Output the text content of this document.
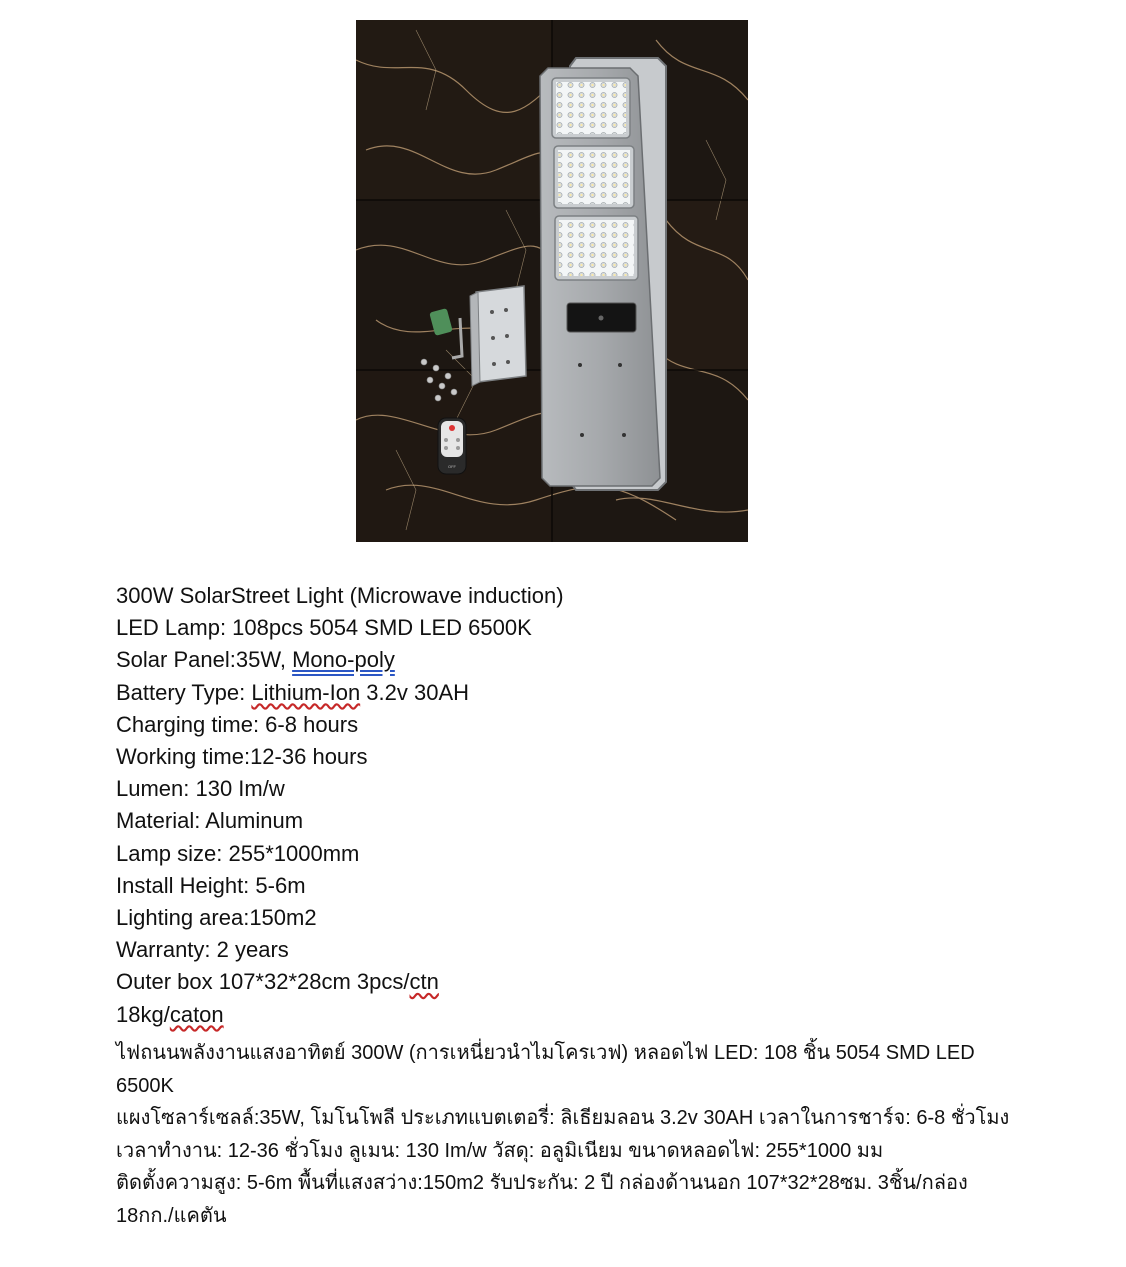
OFF
300W SolarStreet Light (Microwave induction)
LED Lamp: 108pcs 5054 SMD LED 6500K
Solar Panel:35W, Mono-poly
Battery Type: Lithium-Ion 3.2v 30AH
Charging time: 6-8 hours
Working time:12-36 hours
Lumen: 130 Im/w
Material: Aluminum
Lamp size: 255*1000mm
Install Height: 5-6m
Lighting area:150m2
Warranty: 2 years
Outer box 107*32*28cm 3pcs/ctn
18kg/caton
ไฟถนนพลังงานแสงอาทิตย์ 300W (การเหนี่ยวนำไมโครเวฟ) หลอดไฟ LED: 108 ชิ้น 5054 SMD LED
6500K
แผงโซลาร์เซลล์:35W, โมโนโพลี ประเภทแบตเตอรี่: ลิเธียมลอน 3.2v 30AH เวลาในการชาร์จ: 6-8 ชั่วโมง
เวลาทำงาน: 12-36 ชั่วโมง ลูเมน: 130 Im/w วัสดุ: อลูมิเนียม ขนาดหลอดไฟ: 255*1000 มม
ติดตั้งความสูง: 5-6m พื้นที่แสงสว่าง:150m2 รับประกัน: 2 ปี กล่องด้านนอก 107*32*28ซม. 3ชิ้น/กล่อง
18กก./แคตัน
